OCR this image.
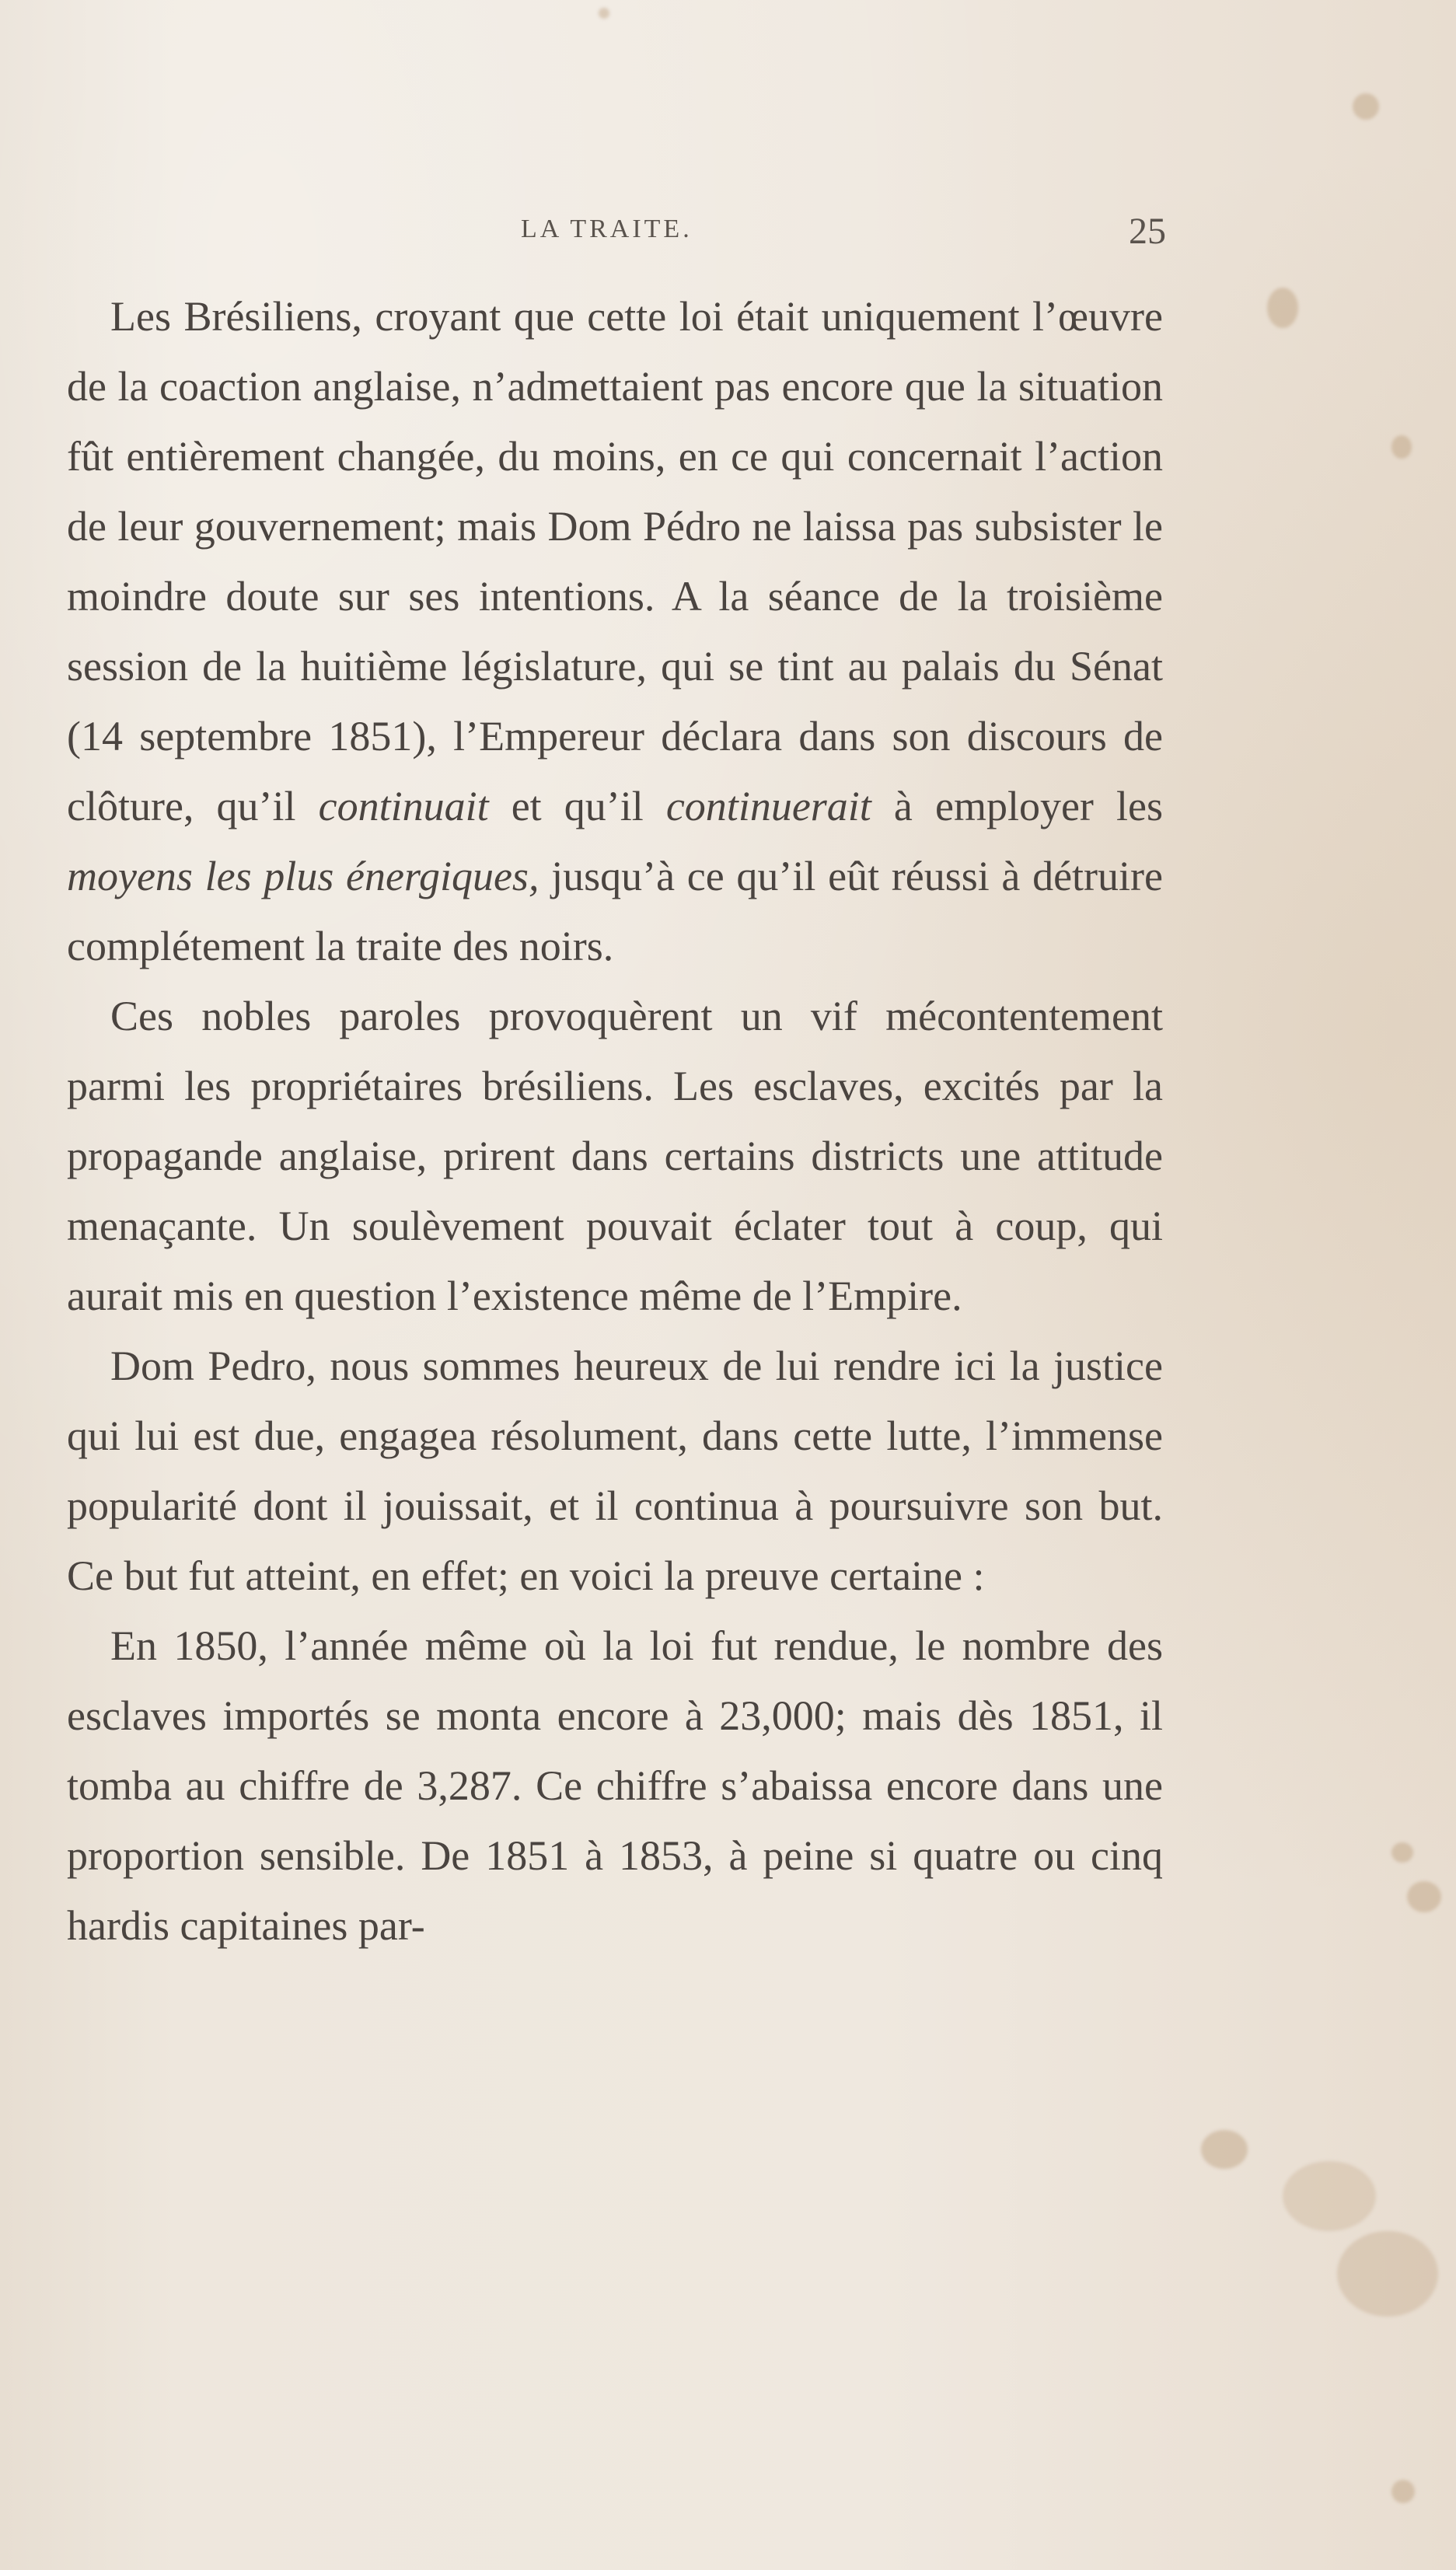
LA TRAITE.	25

Les Brésiliens, croyant que cette loi était uniquement l’œuvre de la coaction anglaise, n’admettaient pas encore que la situation fût entièrement changée, du moins, en ce qui concernait l’action de leur gouvernement; mais Dom Pédro ne laissa pas subsister le moindre doute sur ses intentions. A la séance de la troisième session de la huitième législature, qui se tint au palais du Sénat (14 septembre 1851), l’Empereur déclara dans son discours de clôture, qu’il continuait et qu’il continuerait à employer les moyens les plus énergiques, jusqu’à ce qu’il eût réussi à détruire complétement la traite des noirs.

Ces nobles paroles provoquèrent un vif mécontentement parmi les propriétaires brésiliens. Les esclaves, excités par la propagande anglaise, prirent dans certains districts une attitude menaçante. Un soulèvement pouvait éclater tout à coup, qui aurait mis en question l’existence même de l’Empire.

Dom Pedro, nous sommes heureux de lui rendre ici la justice qui lui est due, engagea résolument, dans cette lutte, l’immense popularité dont il jouissait, et il continua à poursuivre son but. Ce but fut atteint, en effet; en voici la preuve certaine :

En 1850, l’année même où la loi fut rendue, le nombre des esclaves importés se monta encore à 23,000; mais dès 1851, il tomba au chiffre de 3,287. Ce chiffre s’abaissa encore dans une proportion sensible. De 1851 à 1853, à peine si quatre ou cinq hardis capitaines par-
